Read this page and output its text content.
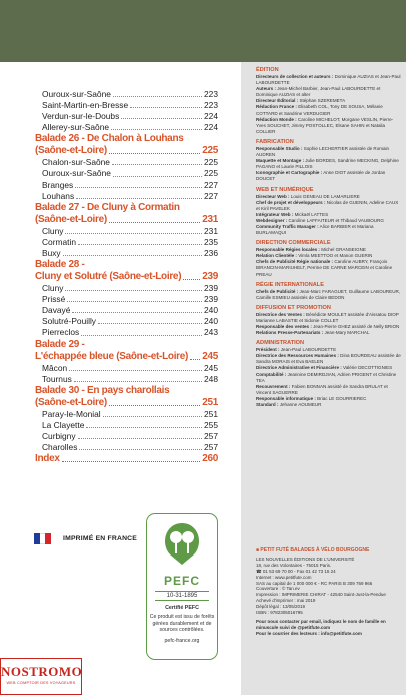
Ouroux-sur-Saône	223
Saint-Martin-en-Bresse	223
Verdun-sur-le-Doubs	224
Allerey-sur-Saône	224
Balade 26 - De Chalon à Louhans
(Saône-et-Loire)	225
Chalon-sur-Saône	225
Ouroux-sur-Saône	225
Branges	227
Louhans	227
Balade 27 - De Cluny à Cormatin
(Saône-et-Loire)	231
Cluny	231
Cormatin	235
Buxy	236
Balade 28 -
Cluny et Solutré (Saône-et-Loire) 239
Cluny	239
Prissé	239
Davayé	240
Solutré-Pouilly	240
Pierreclos	243
Balade 29 -
L'échappée bleue (Saône-et-Loire) 245
Mâcon	245
Tournus	248
Balade 30 - En pays charollais
(Saône-et-Loire)	251
Paray-le-Monial	251
La Clayette	255
Curbigny	257
Charolles	257
Index	260
ÉDITION
Directeurs de collection et auteurs : Dominique AUZIAS et Jean-Paul LABOURDETTE
Auteurs : Jean-Michel Barbier, Jean-Paul LABOURDETTE et Dominique AUZIAS et alter
Directeur Éditorial : Stéphan SZEREMETA
Rédaction France : Elisabeth COL, Tony DE SOUSA, Mélanie COTTARD et Sandrine VERDUGIER
Rédaction Monde : Caroline MICHELOT, Morgane VESLIN, Pierre-Yves SOUCHET, Jimmy POSTOLLEC, Elsane SAHIN et Natalia COLLIER
FABRICATION
Responsable Studio : Sophie LECHERTIER assistée de Romain AUDREN
Maquette et Montage : Julie BORDES, Sandrine MECKING, Delphine PAGANO et Laurie PILLOIS
Iconographie et Cartographie : Anne DIOT assistée de Jordan DOUCET
WEB ET NUMÉRIQUE
Directeur Web : Louis GENEAU DE LAMARLIERE
Chef de projet et développeurs : Nicolas de GUENIN, Adeline CAUX et Kiril PAVELEK
Intégrateur Web : Mickaël LATTES
Webdesigner : Caroline LAFFAITEUR et Thibaud VAUBOURG
Community Traffic Manager : Alice BARBIER et Mariana BURLAMAQUI
DIRECTION COMMERCIALE
Responsable Régies locales : Michel GRANSEIGNE
Relation Clientèle : Vimla MEETTOO et Manon GUERIN
Chefs de Publicité Régie nationale : Caroline AUBRY, François BIRANCIN-MARIUHELT, Perrine DE CARNE MARCEIN et Caroline PREAU
RÉGIE INTERNATIONALE
Chefs de Publicité : Jean-Marc FARAGUET, Guillaume LABOUREUR, Camille ESMIEU assistés de Claire BEDON
DIFFUSION ET PROMOTION
Directrice des Ventes : Bénédicte MOULET assistée d'Aissatou DIOP Marianne LABASTIE et Sidonie COLLET
Responsable des ventes : Jean-Pierre GHEZ assisté de Nelly BRION
Relations Presse-Partenariats : Jean-Mary MARCHAL
ADMINISTRATION
Président : Jean-Paul LABOURDETTE
Directrice des Ressources Humaines : Dina BOURDEAU assistée de Sandra MORAIS et Eva BAELEN
Directrice Administrative et Financière : Valérie DECOTTIGNIES
Comptabilité : Jeannine DEMIRDJIAN, Adrien PRIGENT et Christine TEA
Recouvrement : Fabien BONNAN assisté de Sandra BRULAT et Vincent SAGUERRE
Responsable informatique : Briac LE GOURRIEREC
Standard : Jehanne AOUMEUR
■ PETIT FUTÉ BALADES À VÉLO BOURGOGNE
LES NOUVELLES ÉDITIONS DE L'UNIVERSITÉ
18, rue des Volontaires - 75015 Paris.
☎ 01 53 69 70 00 - Fax 01 42 73 15 24
Internet : www.petitfute.com
SAS au capital de 1 000 000 € - RC PARIS B 309 769 966
Couverture : © Tan.ev
Impression : IMPRIMERIE CHIRAT - 42540 Saint-Just-la-Pendue
Achevé d'imprimer : mai 2019
Dépôt légal : 13/05/2019
ISBN : 9782305016795
Pour nous contacter par email, indiquez le nom de famille en minuscule suivi de @petitfute.com
Pour le courrier des lecteurs : info@petitfute.com
IMPRIMÉ EN FRANCE
PEFC
10-31-1895
Certifié PEFC
Ce produit est issu de forêts gérées durablement et de sources contrôlées.
pefc-france.org
NOSTROMO
WEB COMPTOIR DES VOYAGEURS
